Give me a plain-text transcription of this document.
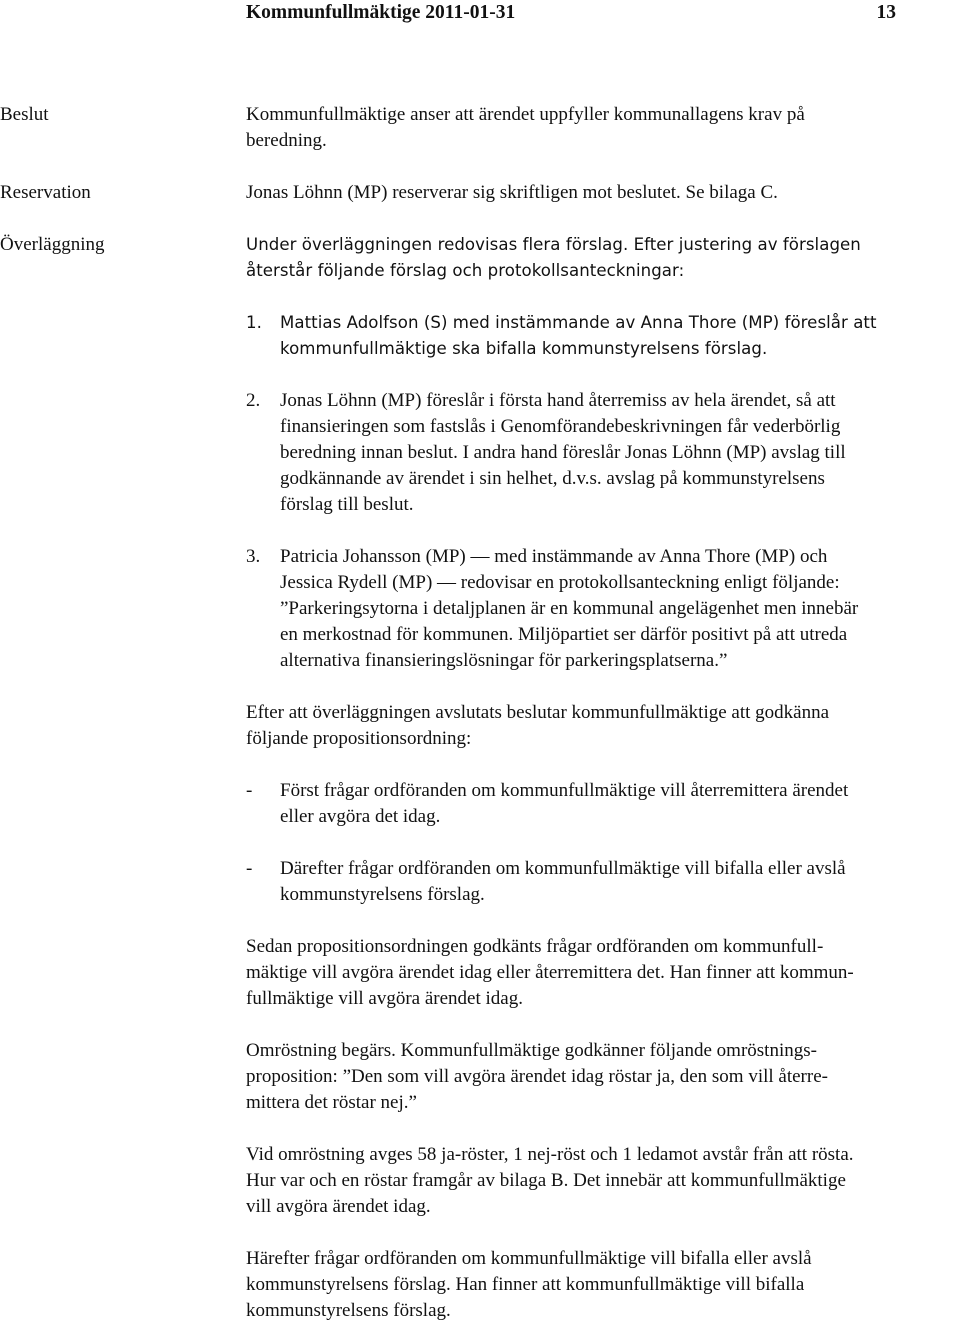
Kommunfullmäktige 2011-01-31	13
Beslut	Kommunfullmäktige anser att ärendet uppfyller kommunallagens krav på
beredning.
Reservation	Jonas Löhnn (MP) reserverar sig skriftligen mot beslutet. Se bilaga C.
Överläggning	Under överläggningen redovisas flera förslag. Efter justering av förslagen
återstår följande förslag och protokollsanteckningar:
1.	Mattias Adolfson (S) med instämmande av Anna Thore (MP) föreslår att
kommunfullmäktige ska bifalla kommunstyrelsens förslag.
2.	Jonas Löhnn (MP) föreslår i första hand återremiss av hela ärendet, så att
finansieringen som fastslås i Genomförandebeskrivningen får vederbörlig
beredning innan beslut. I andra hand föreslår Jonas Löhnn (MP) avslag till
godkännande av ärendet i sin helhet, d.v.s. avslag på kommunstyrelsens
förslag till beslut.
3.	Patricia Johansson (MP) — med instämmande av Anna Thore (MP) och
Jessica Rydell (MP) — redovisar en protokollsanteckning enligt följande:
”Parkeringsytorna i detaljplanen är en kommunal angelägenhet men innebär
en merkostnad för kommunen. Miljöpartiet ser därför positivt på att utreda
alternativa finansieringslösningar för parkeringsplatserna.”
Efter att överläggningen avslutats beslutar kommunfullmäktige att godkänna
följande propositionsordning:
-	Först frågar ordföranden om kommunfullmäktige vill återremittera ärendet
eller avgöra det idag.
-	Därefter frågar ordföranden om kommunfullmäktige vill bifalla eller avslå
kommunstyrelsens förslag.
Sedan propositionsordningen godkänts frågar ordföranden om kommunfull-
mäktige vill avgöra ärendet idag eller återremittera det. Han finner att kommun-
fullmäktige vill avgöra ärendet idag.
Omröstning begärs. Kommunfullmäktige godkänner följande omröstnings-
proposition: ”Den som vill avgöra ärendet idag röstar ja, den som vill återre-
mittera det röstar nej.”
Vid omröstning avges 58 ja-röster, 1 nej-röst och 1 ledamot avstår från att rösta.
Hur var och en röstar framgår av bilaga B. Det innebär att kommunfullmäktige
vill avgöra ärendet idag.
Härefter frågar ordföranden om kommunfullmäktige vill bifalla eller avslå
kommunstyrelsens förslag. Han finner att kommunfullmäktige vill bifalla
kommunstyrelsens förslag.
